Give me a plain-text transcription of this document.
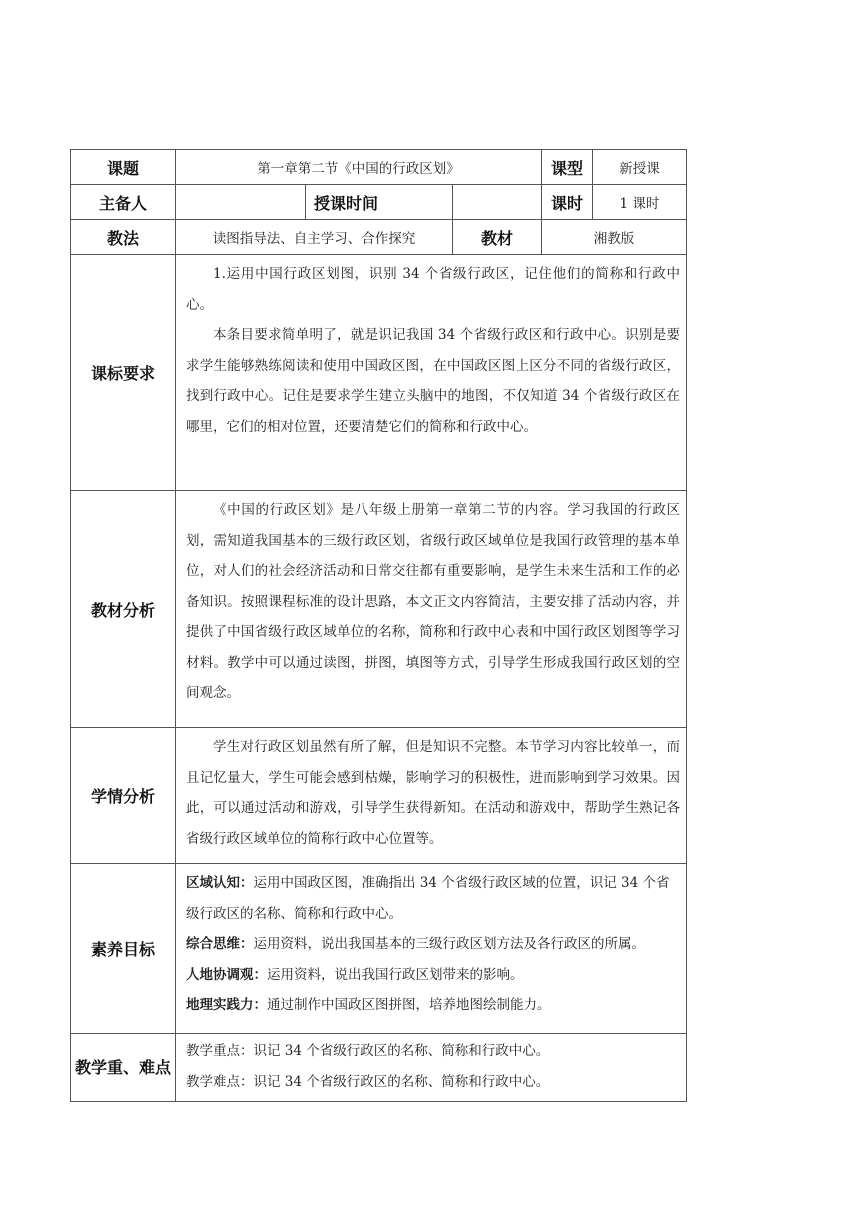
课题	第一章第二节《中国的行政区划》			课型	新授课
主备人		授课时间		课时	1 课时
教法	读图指导法、自主学习、合作探究		教材	湘教版	
课标要求	1.运用中国行政区划图，识别 34 个省级行政区，记住他们的简称和行政中心。

本条目要求简单明了，就是识记我国 34 个省级行政区和行政中心。识别是要求学生能够熟练阅读和使用中国政区图，在中国政区图上区分不同的省级行政区，找到行政中心。记住是要求学生建立头脑中的地图，不仅知道 34 个省级行政区在哪里，它们的相对位置，还要清楚它们的简称和行政中心。				

教材分析	《中国的行政区划》是八年级上册第一章第二节的内容。学习我国的行政区划，需知道我国基本的三级行政区划，省级行政区域单位是我国行政管理的基本单位，对人们的社会经济活动和日常交往都有重要影响，是学生未来生活和工作的必备知识。按照课程标准的设计思路，本文正文内容简洁，主要安排了活动内容，并提供了中国省级行政区域单位的名称，简称和行政中心表和中国行政区划图等学习材料。教学中可以通过读图，拼图，填图等方式，引导学生形成我国行政区划的空间观念。				

学情分析	学生对行政区划虽然有所了解，但是知识不完整。本节学习内容比较单一，而且记忆量大，学生可能会感到枯燥，影响学习的积极性，进而影响到学习效果。因此，可以通过活动和游戏，引导学生获得新知。在活动和游戏中，帮助学生熟记各省级行政区域单位的简称行政中心位置等。				

素养目标	区域认知：运用中国政区图，准确指出 34 个省级行政区域的位置，识记 34 个省级行政区的名称、简称和行政中心。

综合思维：运用资料，说出我国基本的三级行政区划方法及各行政区的所属。

人地协调观：运用资料，说出我国行政区划带来的影响。

地理实践力：通过制作中国政区图拼图，培养地图绘制能力。				

教学重、难点	教学重点：识记 34 个省级行政区的名称、简称和行政中心。

教学难点：识记 34 个省级行政区的名称、简称和行政中心。				
